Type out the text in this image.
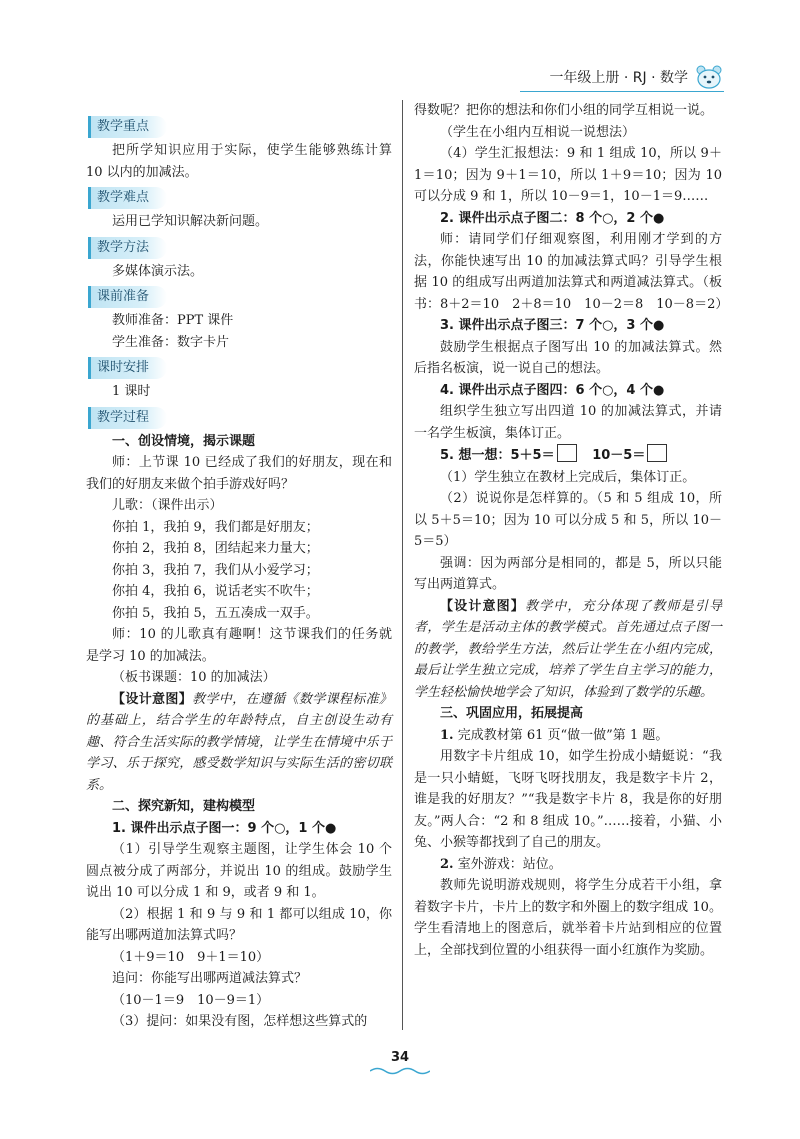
一年级上册 · RJ · 数学
教学重点

把所学知识应用于实际，使学生能够熟练计算 10 以内的加减法。

教学难点

运用已学知识解决新问题。

教学方法

多媒体演示法。

课前准备

教师准备：PPT 课件

学生准备：数字卡片

课时安排

1 课时

教学过程

一、创设情境，揭示课题

师：上节课 10 已经成了我们的好朋友，现在和我们的好朋友来做个拍手游戏好吗？

儿歌：（课件出示）

你拍 1，我拍 9，我们都是好朋友；

你拍 2，我拍 8，团结起来力量大；

你拍 3，我拍 7，我们从小爱学习；

你拍 4，我拍 6，说话老实不吹牛；

你拍 5，我拍 5，五五凑成一双手。

师：10 的儿歌真有趣啊！这节课我们的任务就是学习 10 的加减法。

（板书课题：10 的加减法）

【设计意图】教学中，在遵循《数学课程标准》的基础上，结合学生的年龄特点，自主创设生动有趣、符合生活实际的教学情境，让学生在情境中乐于学习、乐于探究，感受数学知识与实际生活的密切联系。

二、探究新知，建构模型

1. 课件出示点子图一：9 个○，1 个●

（1）引导学生观察主题图，让学生体会 10 个圆点被分成了两部分，并说出 10 的组成。鼓励学生说出 10 可以分成 1 和 9，或者 9 和 1。

（2）根据 1 和 9 与 9 和 1 都可以组成 10，你能写出哪两道加法算式吗？

（1＋9＝10　9＋1＝10）

追问：你能写出哪两道减法算式？

（10－1＝9　10－9＝1）

（3）提问：如果没有图，怎样想这些算式的

得数呢？把你的想法和你们小组的同学互相说一说。

（学生在小组内互相说一说想法）

（4）学生汇报想法：9 和 1 组成 10，所以 9＋1＝10；因为 9＋1＝10，所以 1＋9＝10；因为 10 可以分成 9 和 1，所以 10－9＝1，10－1＝9……

2. 课件出示点子图二：8 个○，2 个●

师：请同学们仔细观察图，利用刚才学到的方法，你能快速写出 10 的加减法算式吗？引导学生根据 10 的组成写出两道加法算式和两道减法算式。（板书：8＋2＝10　2＋8＝10　10－2＝8　10－8＝2）

3. 课件出示点子图三：7 个○，3 个●

鼓励学生根据点子图写出 10 的加减法算式。然后指名板演，说一说自己的想法。

4. 课件出示点子图四：6 个○，4 个●

组织学生独立写出四道 10 的加减法算式，并请一名学生板演，集体订正。

5. 想一想：5＋5＝	10－5＝

（1）学生独立在教材上完成后，集体订正。

（2）说说你是怎样算的。（5 和 5 组成 10，所以 5＋5＝10；因为 10 可以分成 5 和 5，所以 10－5＝5）

强调：因为两部分是相同的，都是 5，所以只能写出两道算式。

【设计意图】教学中，充分体现了教师是引导者，学生是活动主体的教学模式。首先通过点子图一的教学，教给学生方法，然后让学生在小组内完成，最后让学生独立完成，培养了学生自主学习的能力，学生轻松愉快地学会了知识，体验到了数学的乐趣。

三、巩固应用，拓展提高

1. 完成教材第 61 页“做一做”第 1 题。

用数字卡片组成 10，如学生扮成小蜻蜓说：“我是一只小蜻蜓，飞呀飞呀找朋友，我是数字卡片 2，谁是我的好朋友？”“我是数字卡片 8，我是你的好朋友。”两人合：“2 和 8 组成 10。”……接着，小猫、小兔、小猴等都找到了自己的朋友。

2. 室外游戏：站位。

教师先说明游戏规则，将学生分成若干小组，拿着数字卡片，卡片上的数字和外圈上的数字组成 10。学生看清地上的图意后，就举着卡片站到相应的位置上，全部找到位置的小组获得一面小红旗作为奖励。

34
